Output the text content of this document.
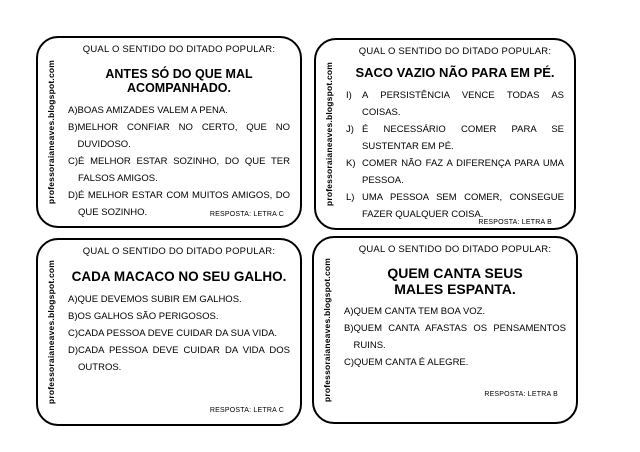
professoraianeaves.blogspot.com
QUAL O SENTIDO DO DITADO POPULAR:
ANTES SÓ DO QUE MAL ACOMPANHADO.
A) BOAS AMIZADES VALEM A PENA.
B) MELHOR CONFIAR NO CERTO, QUE NO DUVIDOSO.
C) É MELHOR ESTAR SOZINHO, DO QUE TER FALSOS AMIGOS.
D) É MELHOR ESTAR COM MUITOS AMIGOS, DO QUE SOZINHO.	RESPOSTA: LETRA C
professoraianeaves.blogspot.com
QUAL O SENTIDO DO DITADO POPULAR:
SACO VAZIO NÃO PARA EM PÉ.
I)	A PERSISTÊNCIA VENCE TODAS AS COISAS.
J) É NECESSÁRIO COMER PARA SE SUSTENTAR EM PÉ.
K) COMER NÃO FAZ A DIFERENÇA PARA UMA PESSOA.
L) UMA PESSOA SEM COMER, CONSEGUE FAZER QUALQUER COISA.
RESPOSTA: LETRA B
professoraianeaves.blogspot.com
QUAL O SENTIDO DO DITADO POPULAR:
CADA MACACO NO SEU GALHO.
A) QUE DEVEMOS SUBIR EM GALHOS.
B) OS GALHOS SÃO PERIGOSOS.
C) CADA PESSOA DEVE CUIDAR DA SUA VIDA.
D) CADA PESSOA DEVE CUIDAR DA VIDA DOS OUTROS.
RESPOSTA: LETRA C
professoraianeaves.blogspot.com
QUAL O SENTIDO DO DITADO POPULAR:
QUEM CANTA SEUS MALES ESPANTA.
A) QUEM CANTA TEM BOA VOZ.
B) QUEM CANTA AFASTAS OS PENSAMENTOS RUINS.
C) QUEM CANTA É ALEGRE.
RESPOSTA: LETRA B
